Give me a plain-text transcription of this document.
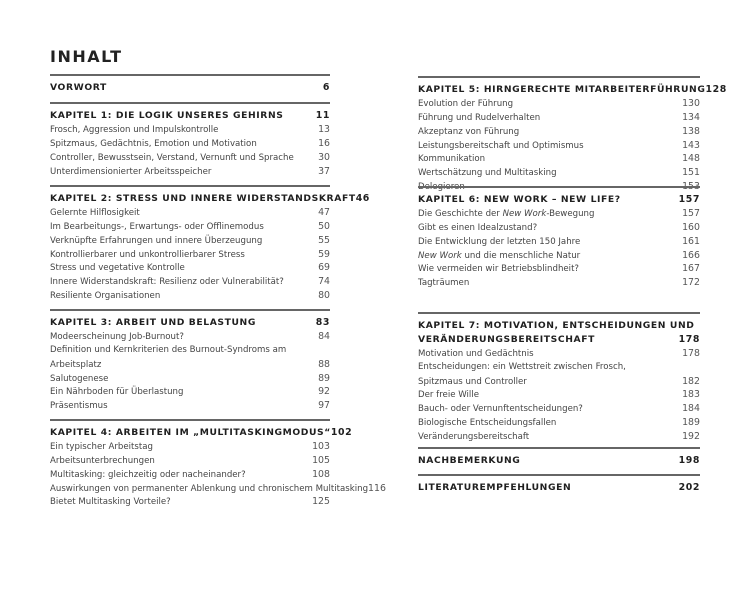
INHALT
VORWORT	6
KAPITEL 1: DIE LOGIK UNSERES GEHIRNS	11
Frosch, Aggression und Impulskontrolle	13
Spitzmaus, Gedächtnis, Emotion und Motivation	16
Controller, Bewusstsein, Verstand, Vernunft und Sprache	30
Unterdimensionierter Arbeitsspeicher	37
KAPITEL 2: STRESS UND INNERE WIDERSTANDSKRAFT 46
Gelernte Hilflosigkeit	47
Im Bearbeitungs-, Erwartungs- oder Offlinemodus	50
Verknüpfte Erfahrungen und innere Überzeugung	55
Kontrollierbarer und unkontrollierbarer Stress	59
Stress und vegetative Kontrolle	69
Innere Widerstandskraft: Resilienz oder Vulnerabilität?	74
Resiliente Organisationen	80
KAPITEL 3: ARBEIT UND BELASTUNG	83
Modeerscheinung Job-Burnout?	84
Definition und Kernkriterien des Burnout-Syndroms am
Arbeitsplatz	88
Salutogenese	89
Ein Nährboden für Überlastung	92
Präsentismus	97
KAPITEL 4: ARBEITEN IM „MULTITASKINGMODUS“ 102
Ein typischer Arbeitstag	103
Arbeitsunterbrechungen	105
Multitasking: gleichzeitig oder nacheinander?	108
Auswirkungen von permanenter Ablenkung und chronischem Multitasking 116
Bietet Multitasking Vorteile?	125
KAPITEL 5: HIRNGERECHTE MITARBEITERFÜHRUNG 128
Evolution der Führung	130
Führung und Rudelverhalten	134
Akzeptanz von Führung	138
Leistungsbereitschaft und Optimismus	143
Kommunikation	148
Wertschätzung und Multitasking	151
Delegieren	153
KAPITEL 6: NEW WORK – NEW LIFE?	157
Die Geschichte der New Work-Bewegung	157
Gibt es einen Idealzustand?	160
Die Entwicklung der letzten 150 Jahre	161
New Work und die menschliche Natur	166
Wie vermeiden wir Betriebsblindheit?	167
Tagträumen	172
KAPITEL 7: MOTIVATION, ENTSCHEIDUNGEN UND
VERÄNDERUNGSBEREITSCHAFT	178
Motivation und Gedächtnis	178
Entscheidungen: ein Wettstreit zwischen Frosch,
Spitzmaus und Controller	182
Der freie Wille	183
Bauch- oder Vernunftentscheidungen?	184
Biologische Entscheidungsfallen	189
Veränderungsbereitschaft	192
NACHBEMERKUNG	198
LITERATUREMPFEHLUNGEN	202
